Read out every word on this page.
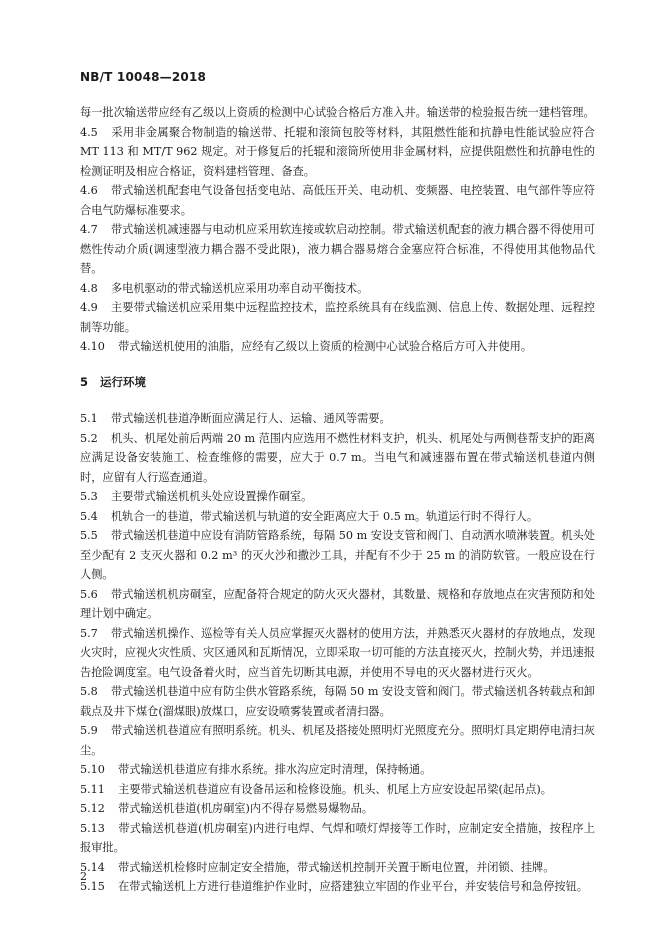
NB/T 10048—2018

每一批次输送带应经有乙级以上资质的检测中心试验合格后方准入井。输送带的检验报告统一建档管理。

4.5  采用非金属聚合物制造的输送带、托辊和滚筒包胶等材料，其阻燃性能和抗静电性能试验应符合 MT 113 和 MT/T 962 规定。对于修复后的托辊和滚筒所使用非金属材料，应提供阻燃性和抗静电性的检测证明及相应合格证，资料建档管理、备查。

4.6  带式输送机配套电气设备包括变电站、高低压开关、电动机、变频器、电控装置、电气部件等应符合电气防爆标准要求。

4.7  带式输送机减速器与电动机应采用软连接或软启动控制。带式输送机配套的液力耦合器不得使用可燃性传动介质(调速型液力耦合器不受此限)，液力耦合器易熔合金塞应符合标准，不得使用其他物品代替。

4.8  多电机驱动的带式输送机应采用功率自动平衡技术。

4.9  主要带式输送机应采用集中远程监控技术，监控系统具有在线监测、信息上传、数据处理、远程控制等功能。

4.10  带式输送机使用的油脂，应经有乙级以上资质的检测中心试验合格后方可入井使用。

5 运行环境

5.1  带式输送机巷道净断面应满足行人、运输、通风等需要。

5.2  机头、机尾处前后两端 20 m 范围内应选用不燃性材料支护，机头、机尾处与两侧巷帮支护的距离应满足设备安装施工、检查维修的需要，应大于 0.7 m。当电气和减速器布置在带式输送机巷道内侧时，应留有人行巡查通道。

5.3  主要带式输送机机头处应设置操作硐室。

5.4  机轨合一的巷道，带式输送机与轨道的安全距离应大于 0.5 m。轨道运行时不得行人。

5.5  带式输送机巷道中应设有消防管路系统，每隔 50 m 安设支管和阀门、自动洒水喷淋装置。机头处至少配有 2 支灭火器和 0.2 m³ 的灭火沙和撒沙工具，并配有不少于 25 m 的消防软管。一般应设在行人侧。

5.6  带式输送机机房硐室，应配备符合规定的防火灭火器材，其数量、规格和存放地点在灾害预防和处理计划中确定。

5.7  带式输送机操作、巡检等有关人员应掌握灭火器材的使用方法，并熟悉灭火器材的存放地点，发现火灾时，应视火灾性质、灾区通风和瓦斯情况，立即采取一切可能的方法直接灭火，控制火势，并迅速报告抢险调度室。电气设备着火时，应当首先切断其电源，并使用不导电的灭火器材进行灭火。

5.8  带式输送机巷道中应有防尘供水管路系统，每隔 50 m 安设支管和阀门。带式输送机各转载点和卸载点及井下煤仓(溜煤眼)放煤口，应安设喷雾装置或者清扫器。

5.9  带式输送机巷道应有照明系统。机头、机尾及搭接处照明灯光照度充分。照明灯具定期停电清扫灰尘。

5.10  带式输送机巷道应有排水系统。排水沟应定时清理，保持畅通。

5.11  主要带式输送机巷道应有设备吊运和检修设施。机头、机尾上方应安设起吊梁(起吊点)。

5.12  带式输送机巷道(机房硐室)内不得存易燃易爆物品。

5.13  带式输送机巷道(机房硐室)内进行电焊、气焊和喷灯焊接等工作时，应制定安全措施，按程序上报审批。

5.14  带式输送机检修时应制定安全措施，带式输送机控制开关置于断电位置，并闭锁、挂牌。

5.15  在带式输送机上方进行巷道维护作业时，应搭建独立牢固的作业平台，并安装信号和急停按钮。

2
